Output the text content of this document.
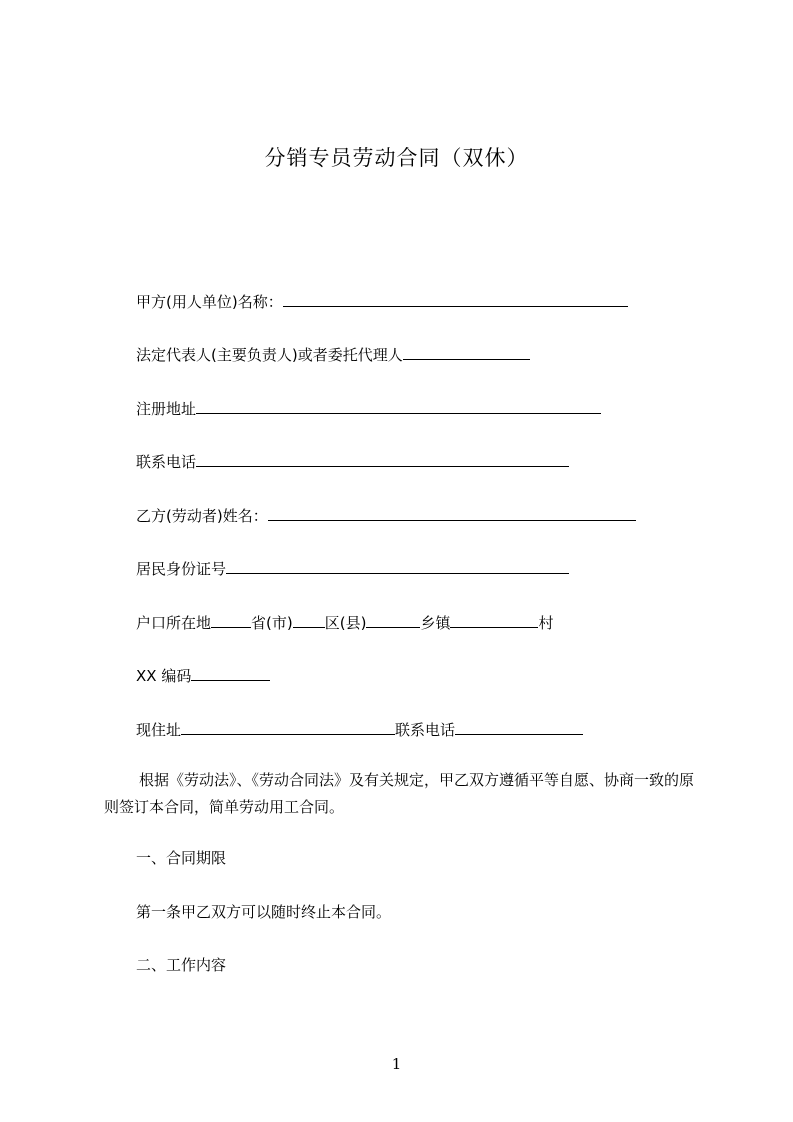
分销专员劳动合同（双休）
甲方(用人单位)名称：
法定代表人(主要负责人)或者委托代理人
注册地址
联系电话
乙方(劳动者)姓名：
居民身份证号
户口所在地	省(市) 区(县)	乡镇	村
XX 编码
现住址	联系电话
根据《劳动法》、《劳动合同法》及有关规定，甲乙双方遵循平等自愿、协商一致的原则签订本合同，简单劳动用工合同。
一、合同期限
第一条甲乙双方可以随时终止本合同。
二、工作内容
1
